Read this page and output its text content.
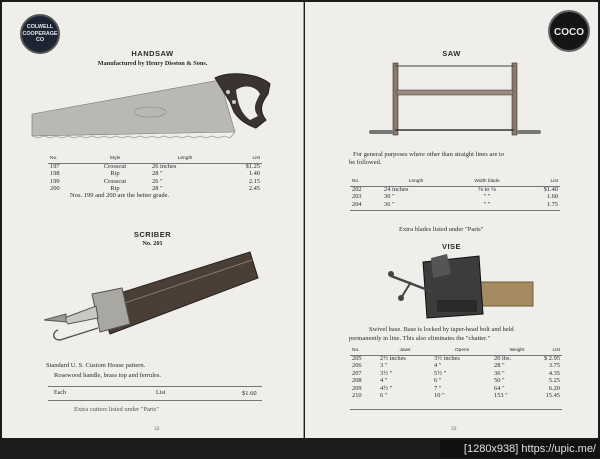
COLWELL
COOPERAGE
CO
HANDSAW
Manufactured by Henry Disston & Sons.
No.	Style	Length	List
197	Crosscut	26 inches	$1.25
198	Rip	28 "	1.40
199	Crosscut	26 "	2.15
200	Rip	28 "	2.45
Nos. 199 and 200 are the better grade.
SCRIBER
No. 201
Standard U. S. Custom House pattern.
Rosewood handle, brass top and ferrules.
Each	List	$1.60
Extra cutters listed under "Parts"
32
COCO
SAW
For general purposes where other than straight lines are to
be followed.
No.	Length	Width blade	List
202	24 inches	⅜ to ¼	$1.40
203	30 "	" "	1.60
204	36 "	" "	1.75
Extra blades listed under "Parts"
VISE
Swivel base. Base is locked by taper-head bolt and held
permanently in line. This also eliminates the "chatter."
No.	Jaws	Opens	Weight	List
205	2½ inches	3½ inches	20 lbs.	$ 2.95
206	3 "	4 "	28 "	3.75
207	3½ "	5½ "	36 "	4.35
208	4 "	6 "	50 "	5.25
209	4½ "	7 "	64 "	6.20
210	6 "	10 "	153 "	15.45
33
[1280x938] https://upic.me/
